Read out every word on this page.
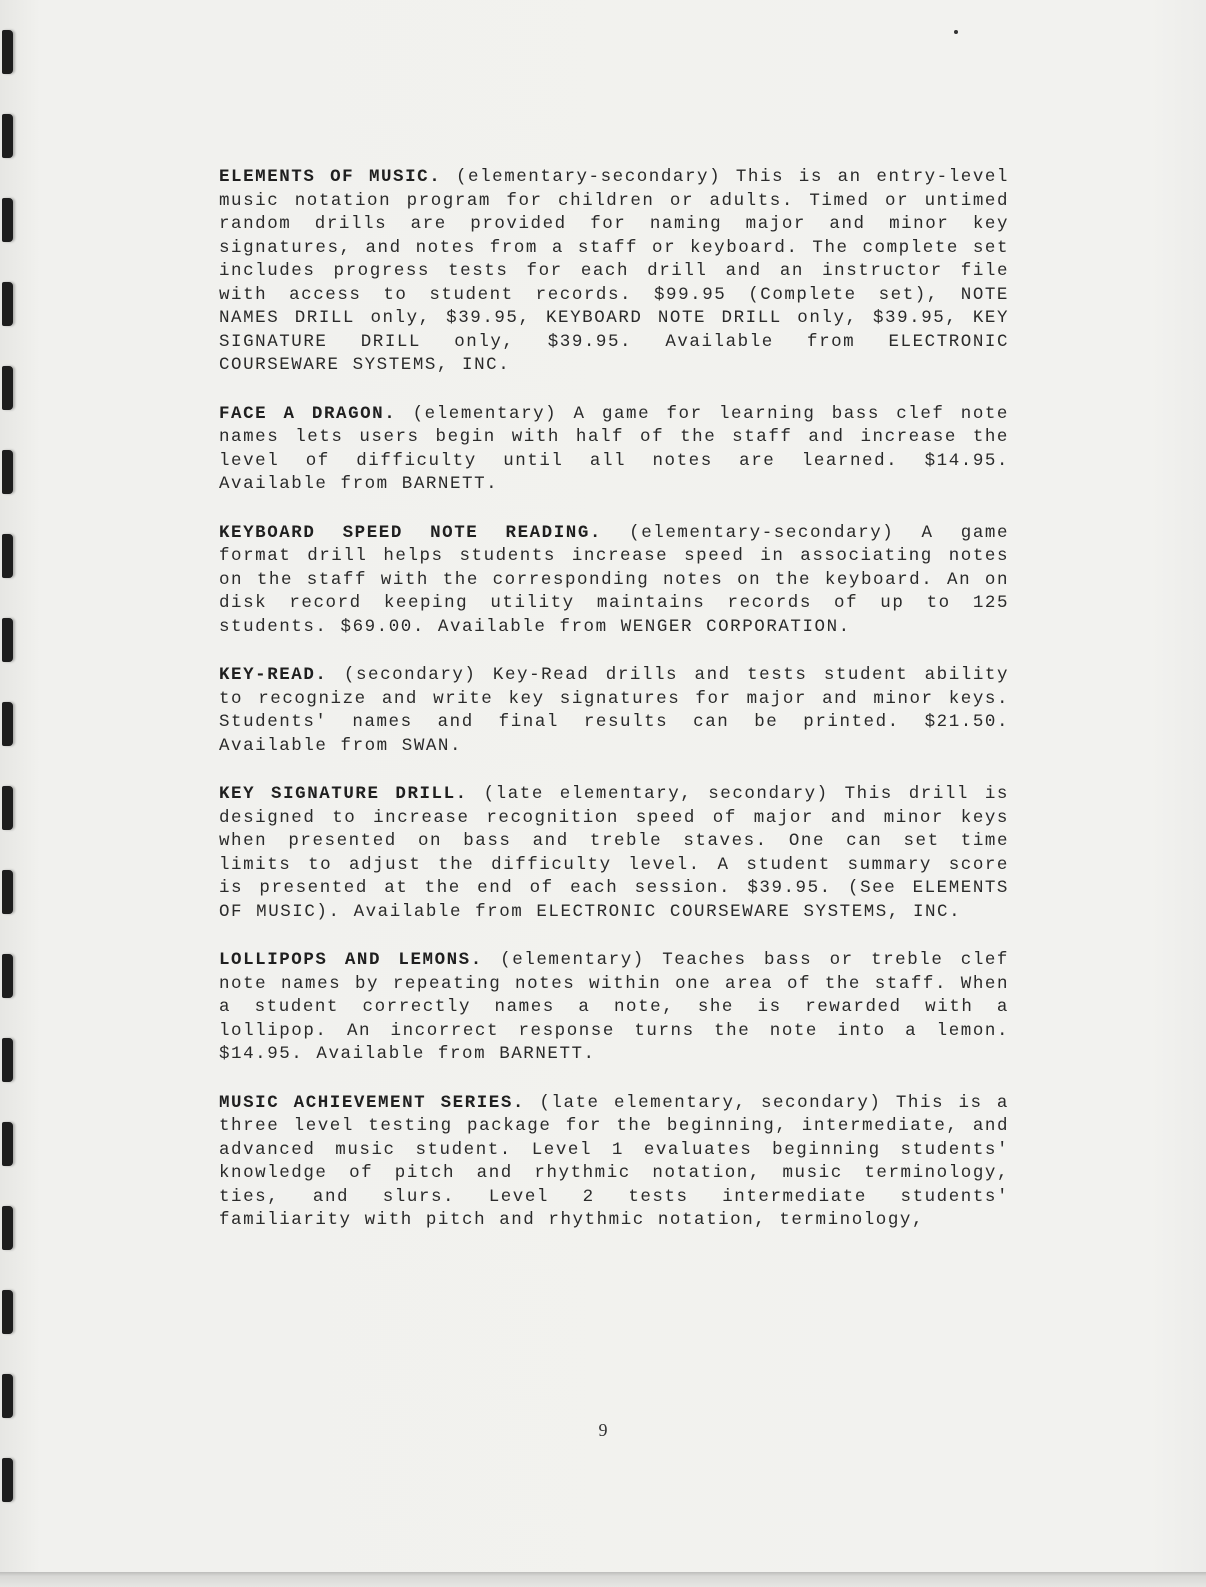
ELEMENTS OF MUSIC. (elementary-secondary) This is an entry-level music notation program for children or adults. Timed or untimed random drills are provided for naming major and minor key signatures, and notes from a staff or keyboard. The complete set includes progress tests for each drill and an instructor file with access to student records. $99.95 (Complete set), NOTE NAMES DRILL only, $39.95, KEYBOARD NOTE DRILL only, $39.95, KEY SIGNATURE DRILL only, $39.95. Available from ELECTRONIC COURSEWARE SYSTEMS, INC.

FACE A DRAGON. (elementary) A game for learning bass clef note names lets users begin with half of the staff and increase the level of difficulty until all notes are learned. $14.95. Available from BARNETT.

KEYBOARD SPEED NOTE READING. (elementary-secondary) A game format drill helps students increase speed in associating notes on the staff with the corresponding notes on the keyboard. An on disk record keeping utility maintains records of up to 125 students. $69.00. Available from WENGER CORPORATION.

KEY-READ. (secondary) Key-Read drills and tests student ability to recognize and write key signatures for major and minor keys. Students' names and final results can be printed. $21.50. Available from SWAN.

KEY SIGNATURE DRILL. (late elementary, secondary) This drill is designed to increase recognition speed of major and minor keys when presented on bass and treble staves. One can set time limits to adjust the difficulty level. A student summary score is presented at the end of each session. $39.95. (See ELEMENTS OF MUSIC). Available from ELECTRONIC COURSEWARE SYSTEMS, INC.

LOLLIPOPS AND LEMONS. (elementary) Teaches bass or treble clef note names by repeating notes within one area of the staff. When a student correctly names a note, she is rewarded with a lollipop. An incorrect response turns the note into a lemon. $14.95. Available from BARNETT.

MUSIC ACHIEVEMENT SERIES. (late elementary, secondary) This is a three level testing package for the beginning, intermediate, and advanced music student. Level 1 evaluates beginning students' knowledge of pitch and rhythmic notation, music terminology, ties, and slurs. Level 2 tests intermediate students' familiarity with pitch and rhythmic notation, terminology,

9
